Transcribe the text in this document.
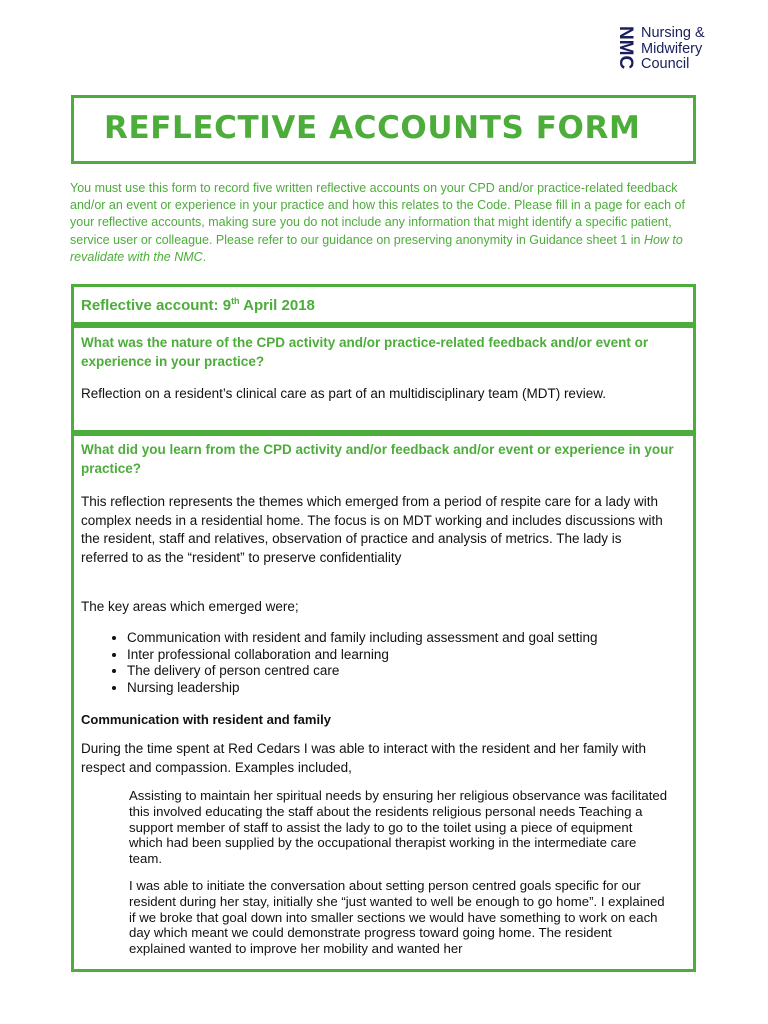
NMC Nursing &
Midwifery
Council
REFLECTIVE ACCOUNTS FORM
You must use this form to record five written reflective accounts on your CPD and/or practice-related feedback and/or an event or experience in your practice and how this relates to the Code. Please fill in a page for each of your reflective accounts, making sure you do not include any information that might identify a specific patient, service user or colleague. Please refer to our guidance on preserving anonymity in Guidance sheet 1 in How to revalidate with the NMC.
Reflective account: 9th April 2018
What was the nature of the CPD activity and/or practice-related feedback and/or event or experience in your practice?
Reflection on a resident’s clinical care as part of an multidisciplinary team (MDT) review.
What did you learn from the CPD activity and/or feedback and/or event or experience in your practice?
This reflection represents the themes which emerged from a period of respite care for a lady with complex needs in a residential home. The focus is on MDT working and includes discussions with the resident, staff and relatives, observation of practice and analysis of metrics. The lady is referred to as the “resident” to preserve confidentiality
The key areas which emerged were;
• Communication with resident and family including assessment and goal setting
• Inter professional collaboration and learning
• The delivery of person centred care
• Nursing leadership
Communication with resident and family
During the time spent at Red Cedars I was able to interact with the resident and her family with respect and compassion. Examples included,
Assisting to maintain her spiritual needs by ensuring her religious observance was facilitated this involved educating the staff about the residents religious personal needs Teaching a support member of staff to assist the lady to go to the toilet using a piece of equipment which had been supplied by the occupational therapist working in the intermediate care team.
I was able to initiate the conversation about setting person centred goals specific for our resident during her stay, initially she “just wanted to well be enough to go home”. I explained if we broke that goal down into smaller sections we would have something to work on each day which meant we could demonstrate progress toward going home. The resident explained wanted to improve her mobility and wanted her
